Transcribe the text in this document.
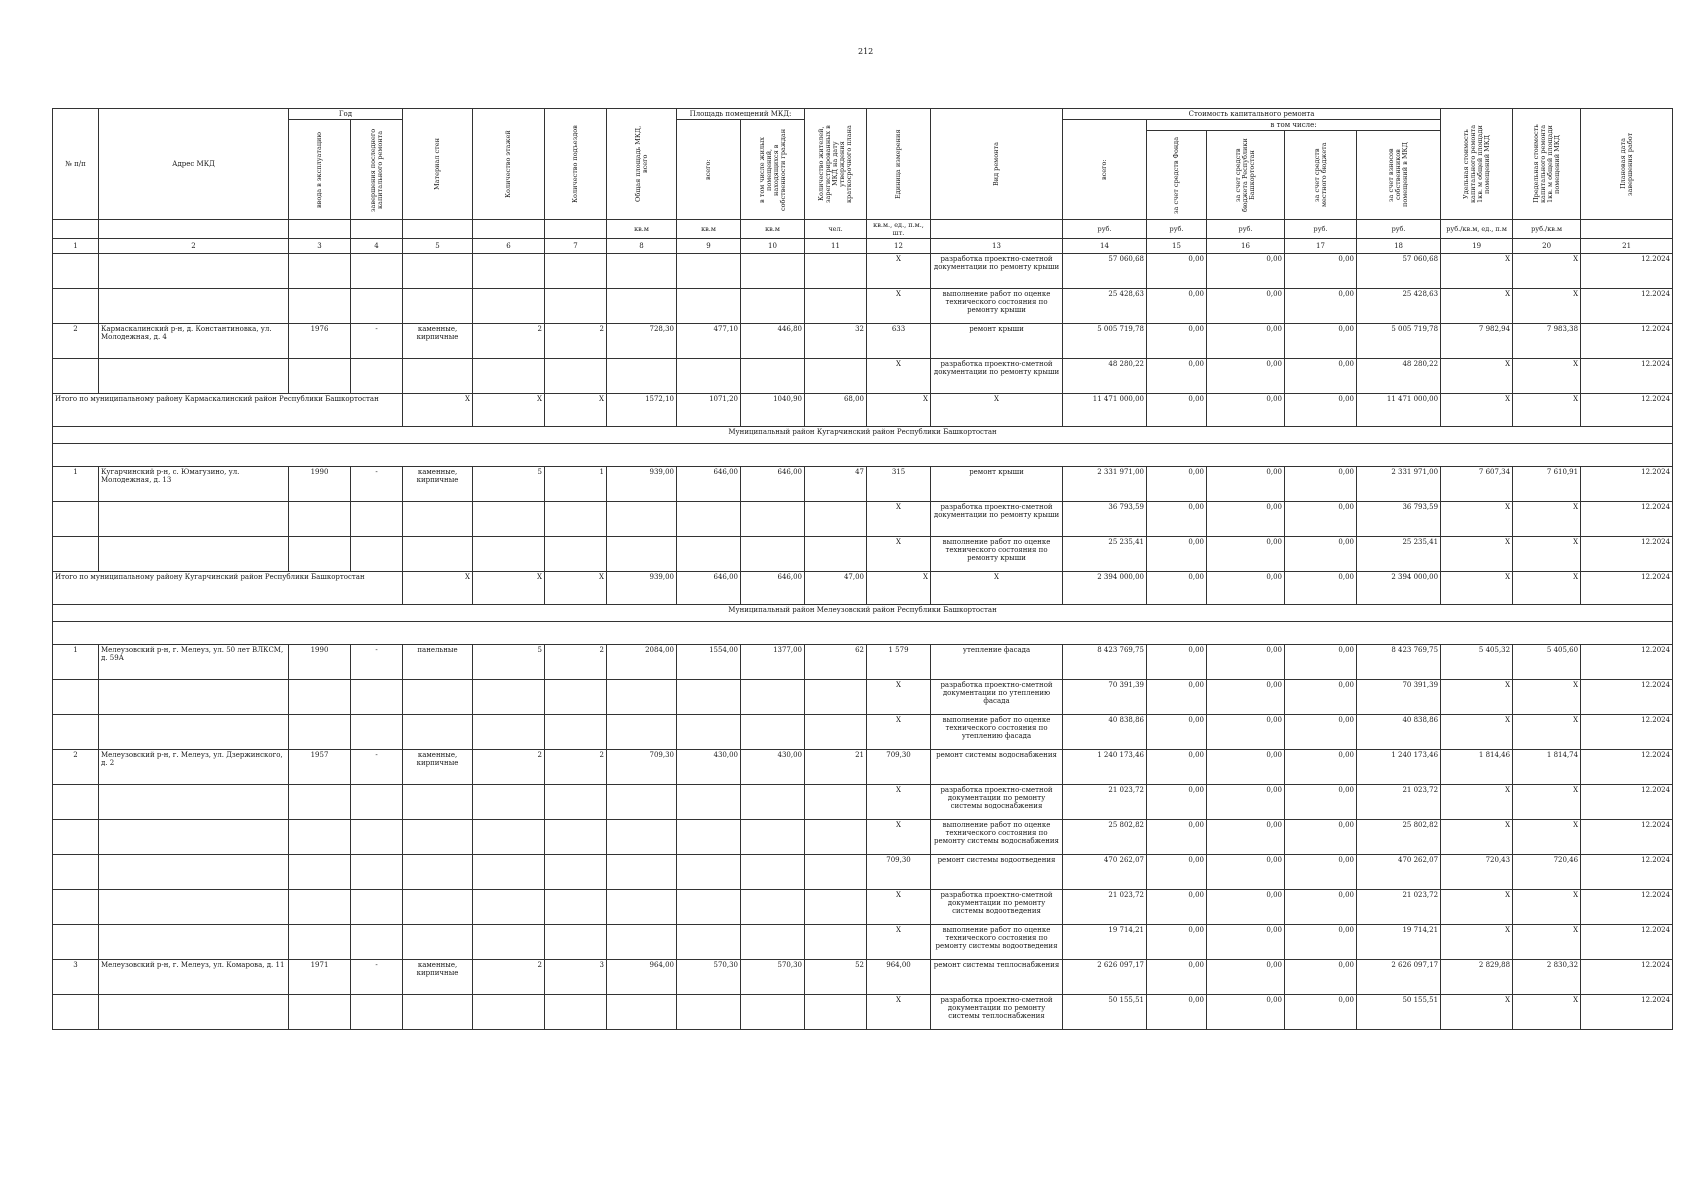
212
№ п/п	Адрес МКД	Год		Материал стен	Количество этажей	Количество подъездов	Общая площадь МКД, всего	Площадь помещений МКД:		Количество жителей, зарегистрированных в МКД на дату утверждения краткосрочного плана	Единица измерения	Вид ремонта	Стоимость капитального ремонта					Удельная стоимость капитального ремонта 1кв. м общей площади помещений МКД	Предельная стоимость капитального ремонта 1кв. м общей площади помещений МКД	Плановая дата завершения работ

		ввода в эксплуатацию	завершения последнего капитального ремонта					всего:	в том числе жилых помещений, находящихся в собственности граждан				всего:	в том числе:						

														за счет средств Фонда	за счет средств бюджета Республики Башкортостан	за счет средств местного бюджета	за счет взносов собственников помещений в МКД			

							кв.м	кв.м	кв.м	чел.	кв.м., ед., п.м., шт.		руб.	руб.	руб.	руб.	руб.	руб./кв.м, ед., п.м	руб./кв.м	
1	2	3	4	5	6	7	8	9	10	11	12	13	14	15	16	17	18	19	20	21
											X	разработка проектно-сметной документации по ремонту крыши	57 060,68	0,00	0,00	0,00	57 060,68	X	X	12.2024
											X	выполнение работ по оценке технического состояния по ремонту крыши	25 428,63	0,00	0,00	0,00	25 428,63	X	X	12.2024
2	Кармаскалинский р-н, д. Константиновка, ул. Молодежная, д. 4	1976	-	каменные, кирпичные	2	2	728,30	477,10	446,80	32	633	ремонт крыши	5 005 719,78	0,00	0,00	0,00	5 005 719,78	7 982,94	7 983,38	12.2024
											X	разработка проектно-сметной документации по ремонту крыши	48 280,22	0,00	0,00	0,00	48 280,22	X	X	12.2024
Итого по муниципальному району Кармаскалинский район Республики Башкортостан				X	X	X	1572,10	1071,20	1040,90	68,00	X	X	11 471 000,00	0,00	0,00	0,00	11 471 000,00	X	X	12.2024
Муниципальный район Кугарчинский район Республики Башкортостан																				

1	Кугарчинский р-н, с. Юмагузино, ул. Молодежная, д. 13	1990	-	каменные, кирпичные	5	1	939,00	646,00	646,00	47	315	ремонт крыши	2 331 971,00	0,00	0,00	0,00	2 331 971,00	7 607,34	7 610,91	12.2024
											X	разработка проектно-сметной документации по ремонту крыши	36 793,59	0,00	0,00	0,00	36 793,59	X	X	12.2024
											X	выполнение работ по оценке технического состояния по ремонту крыши	25 235,41	0,00	0,00	0,00	25 235,41	X	X	12.2024
Итого по муниципальному району Кугарчинский район Республики Башкортостан				X	X	X	939,00	646,00	646,00	47,00	X	X	2 394 000,00	0,00	0,00	0,00	2 394 000,00	X	X	12.2024
Муниципальный район Мелеузовский район Республики Башкортостан																				

1	Мелеузовский р-н, г. Мелеуз, ул. 50 лет ВЛКСМ, д. 59А	1990	-	панельные	5	2	2084,00	1554,00	1377,00	62	1 579	утепление фасада	8 423 769,75	0,00	0,00	0,00	8 423 769,75	5 405,32	5 405,60	12.2024
											X	разработка проектно-сметной документации по утеплению фасада	70 391,39	0,00	0,00	0,00	70 391,39	X	X	12.2024
											X	выполнение работ по оценке технического состояния по утеплению фасада	40 838,86	0,00	0,00	0,00	40 838,86	X	X	12.2024
2	Мелеузовский р-н, г. Мелеуз, ул. Дзержинского, д. 2	1957	-	каменные, кирпичные	2	2	709,30	430,00	430,00	21	709,30	ремонт системы водоснабжения	1 240 173,46	0,00	0,00	0,00	1 240 173,46	1 814,46	1 814,74	12.2024
											X	разработка проектно-сметной документации по ремонту системы водоснабжения	21 023,72	0,00	0,00	0,00	21 023,72	X	X	12.2024
											X	выполнение работ по оценке технического состояния по ремонту системы водоснабжения	25 802,82	0,00	0,00	0,00	25 802,82	X	X	12.2024
											709,30	ремонт системы водоотведения	470 262,07	0,00	0,00	0,00	470 262,07	720,43	720,46	12.2024
											X	разработка проектно-сметной документации по ремонту системы водоотведения	21 023,72	0,00	0,00	0,00	21 023,72	X	X	12.2024
											X	выполнение работ по оценке технического состояния по ремонту системы водоотведения	19 714,21	0,00	0,00	0,00	19 714,21	X	X	12.2024
3	Мелеузовский р-н, г. Мелеуз, ул. Комарова, д. 11	1971	-	каменные, кирпичные	2	3	964,00	570,30	570,30	52	964,00	ремонт системы теплоснабжения	2 626 097,17	0,00	0,00	0,00	2 626 097,17	2 829,88	2 830,32	12.2024
											X	разработка проектно-сметной документации по ремонту системы теплоснабжения	50 155,51	0,00	0,00	0,00	50 155,51	X	X	12.2024
